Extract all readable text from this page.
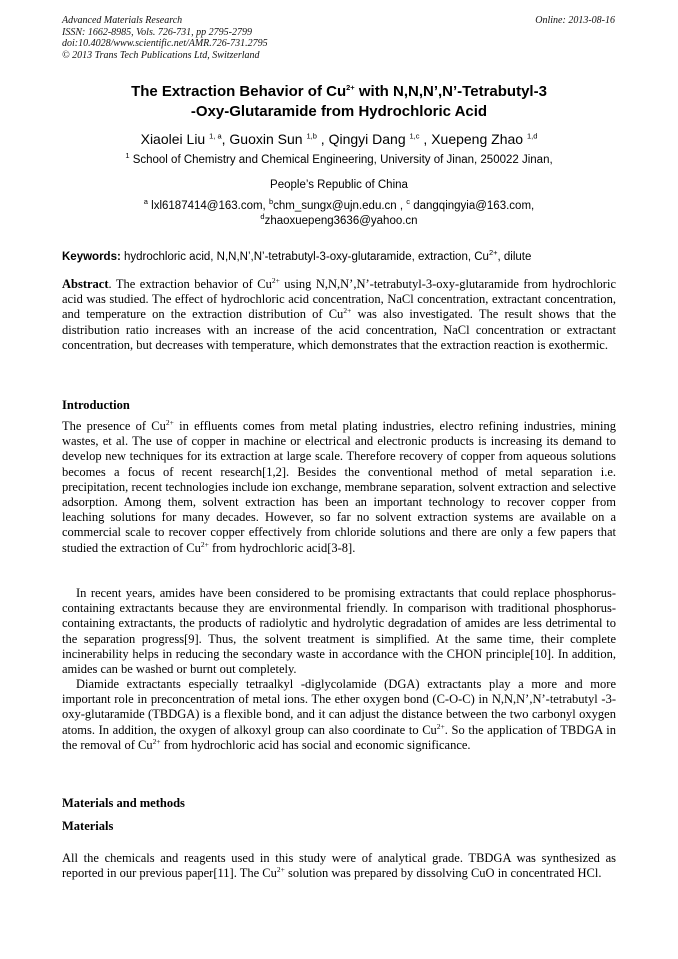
Advanced Materials Research
ISSN: 1662-8985, Vols. 726-731, pp 2795-2799
doi:10.4028/www.scientific.net/AMR.726-731.2795
© 2013 Trans Tech Publications Ltd, Switzerland
Online: 2013-08-16
The Extraction Behavior of $Cu^{2+}$ with N,N,N’,N’-Tetrabutyl-3
-Oxy-Glutaramide from Hydrochloric Acid
Xiaolei Liu $^{1, a}$, Guoxin Sun $^{1,b}$ , Qingyi Dang $^{1,c}$ , Xuepeng Zhao $^{1,d}$
$^1$ School of Chemistry and Chemical Engineering, University of Jinan, 250022 Jinan,
People’s Republic of China
$^a$ lxl6187414@163.com, $^b$chm_sungx@ujn.edu.cn , $^c$ dangqingyia@163.com,
$^d$zhaoxuepeng3636@yahoo.cn
Keywords: hydrochloric acid, N,N,N’,N’-tetrabutyl-3-oxy-glutaramide, extraction, $Cu^{2+}$, dilute
Abstract. The extraction behavior of $Cu^{2+}$ using N,N,N’,N’-tetrabutyl-3-oxy-glutaramide from hydrochloric acid was studied. The effect of hydrochloric acid concentration, NaCl concentration, extractant concentration, and temperature on the extraction distribution of $Cu^{2+}$ was also investigated. The result shows that the distribution ratio increases with an increase of the acid concentration, NaCl concentration or extractant concentration, but decreases with temperature, which demonstrates that the extraction reaction is exothermic.
Introduction
The presence of $Cu^{2+}$ in effluents comes from metal plating industries, electro refining industries, mining wastes, et al. The use of copper in machine or electrical and electronic products is increasing its demand to develop new techniques for its extraction at large scale. Therefore recovery of copper from aqueous solutions becomes a focus of recent research[1,2]. Besides the conventional method of metal separation i.e. precipitation, recent technologies include ion exchange, membrane separation, solvent extraction and selective adsorption. Among them, solvent extraction has been an important technology to recover copper from leaching solutions for many decades. However, so far no solvent extraction systems are available on a commercial scale to recover copper effectively from chloride solutions and there are only a few papers that studied the extraction of $Cu^{2+}$ from hydrochloric acid[3-8].
In recent years, amides have been considered to be promising extractants that could replace phosphorus-containing extractants because they are environmental friendly. In comparison with traditional phosphorus-containing extractants, the products of radiolytic and hydrolytic degradation of amides are less detrimental to the separation progress[9]. Thus, the solvent treatment is simplified. At the same time, their complete incinerability helps in reducing the secondary waste in accordance with the CHON principle[10]. In addition, amides can be washed or burnt out completely.
Diamide extractants especially tetraalkyl -diglycolamide (DGA) extractants play a more and more important role in preconcentration of metal ions. The ether oxygen bond (C-O-C) in N,N,N’,N’-tetrabutyl -3-oxy-glutaramide (TBDGA) is a flexible bond, and it can adjust the distance between the two carbonyl oxygen atoms. In addition, the oxygen of alkoxyl group can also coordinate to $Cu^{2+}$. So the application of TBDGA in the removal of $Cu^{2+}$ from hydrochloric acid has social and economic significance.
Materials and methods
Materials
All the chemicals and reagents used in this study were of analytical grade. TBDGA was synthesized as reported in our previous paper[11]. The $Cu^{2+}$ solution was prepared by dissolving CuO in concentrated HCl.
